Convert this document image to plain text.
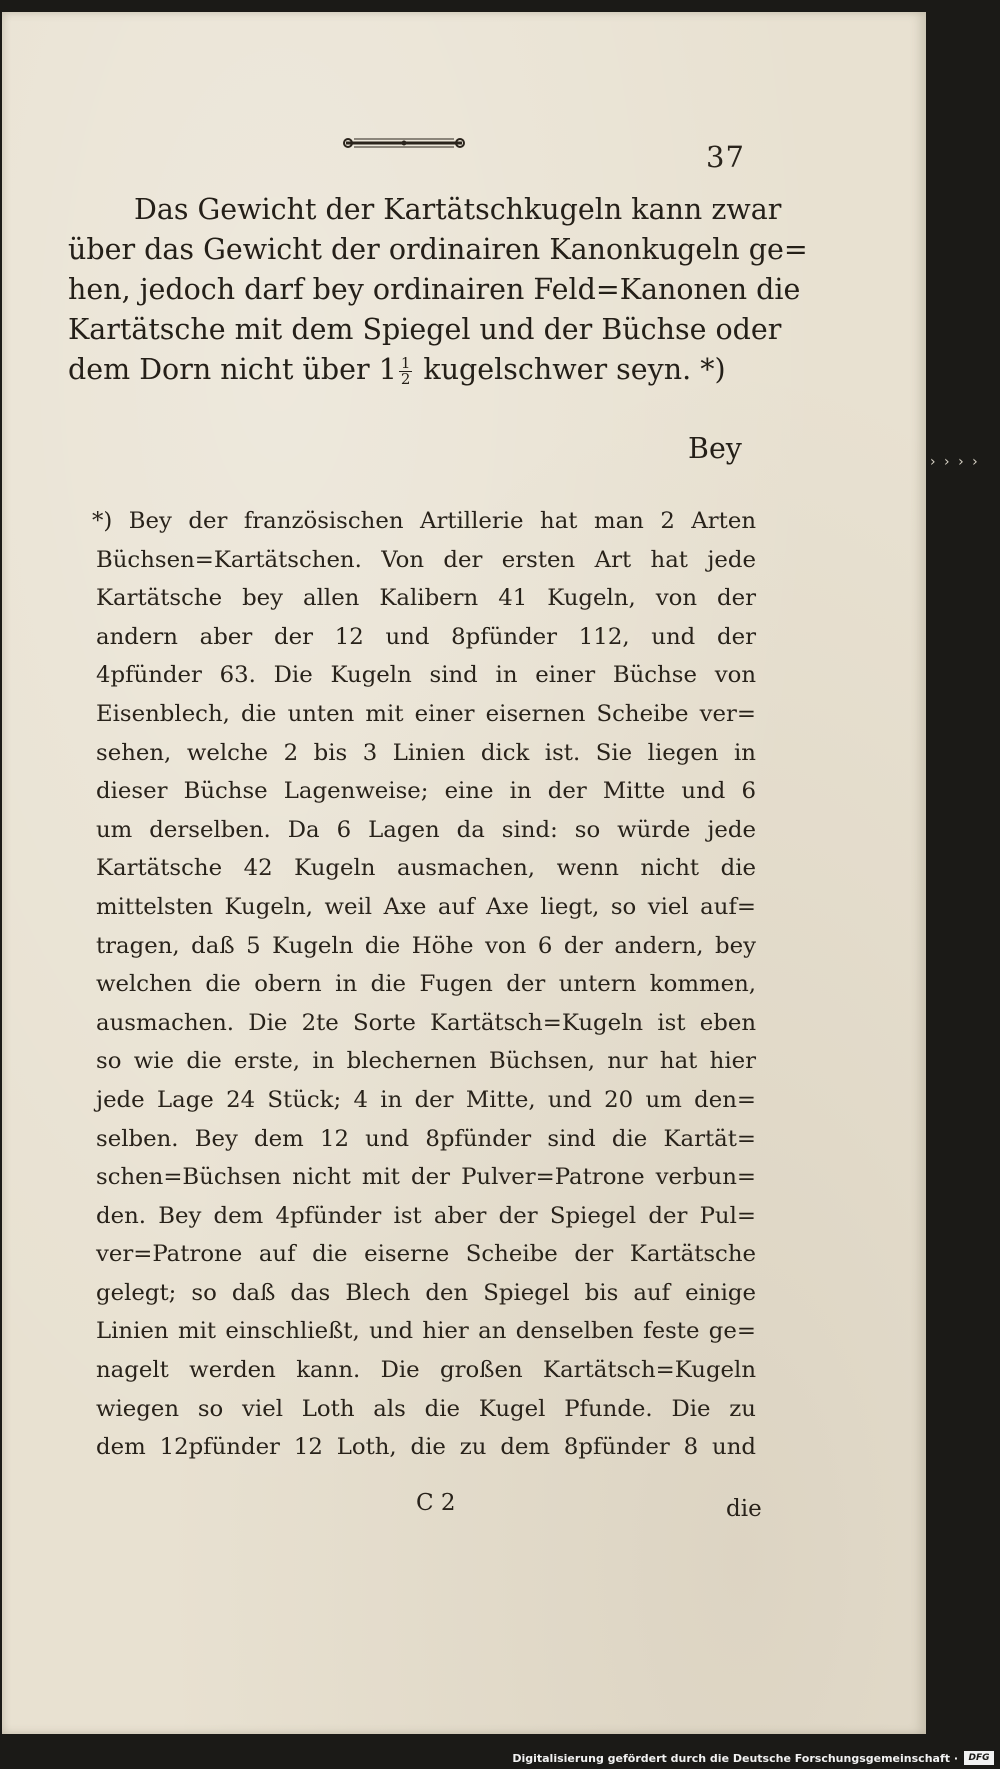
37
Das Gewicht der Kartätschkugeln kann zwar
über das Gewicht der ordinairen Kanonkugeln ge=
hen, jedoch darf bey ordinairen Feld=Kanonen die
Kartätsche mit dem Spiegel und der Büchse oder
dem Dorn nicht über $1 \frac{1}{2}$ kugelschwer seyn. *)
Bey
*) Bey der französischen Artillerie hat man 2 Arten
Büchsen=Kartätschen. Von der ersten Art hat jede
Kartätsche bey allen Kalibern 41 Kugeln, von der
andern aber der 12 und 8pfünder 112, und der
4pfünder 63. Die Kugeln sind in einer Büchse von
Eisenblech, die unten mit einer eisernen Scheibe ver=
sehen, welche 2 bis 3 Linien dick ist. Sie liegen in
dieser Büchse Lagenweise; eine in der Mitte und 6
um derselben. Da 6 Lagen da sind: so würde jede
Kartätsche 42 Kugeln ausmachen, wenn nicht die
mittelsten Kugeln, weil Axe auf Axe liegt, so viel auf=
tragen, daß 5 Kugeln die Höhe von 6 der andern, bey
welchen die obern in die Fugen der untern kommen,
ausmachen. Die 2te Sorte Kartätsch=Kugeln ist eben
so wie die erste, in blechernen Büchsen, nur hat hier
jede Lage 24 Stück; 4 in der Mitte, und 20 um den=
selben. Bey dem 12 und 8pfünder sind die Kartät=
schen=Büchsen nicht mit der Pulver=Patrone verbun=
den. Bey dem 4pfünder ist aber der Spiegel der Pul=
ver=Patrone auf die eiserne Scheibe der Kartätsche
gelegt; so daß das Blech den Spiegel bis auf einige
Linien mit einschließt, und hier an denselben feste ge=
nagelt werden kann. Die großen Kartätsch=Kugeln
wiegen so viel Loth als die Kugel Pfunde. Die zu
dem 12pfünder 12 Loth, die zu dem 8pfünder 8 und
C 2	die
› › › ›
Digitalisierung gefördert durch die Deutsche Forschungsgemeinschaft ·	DFG
